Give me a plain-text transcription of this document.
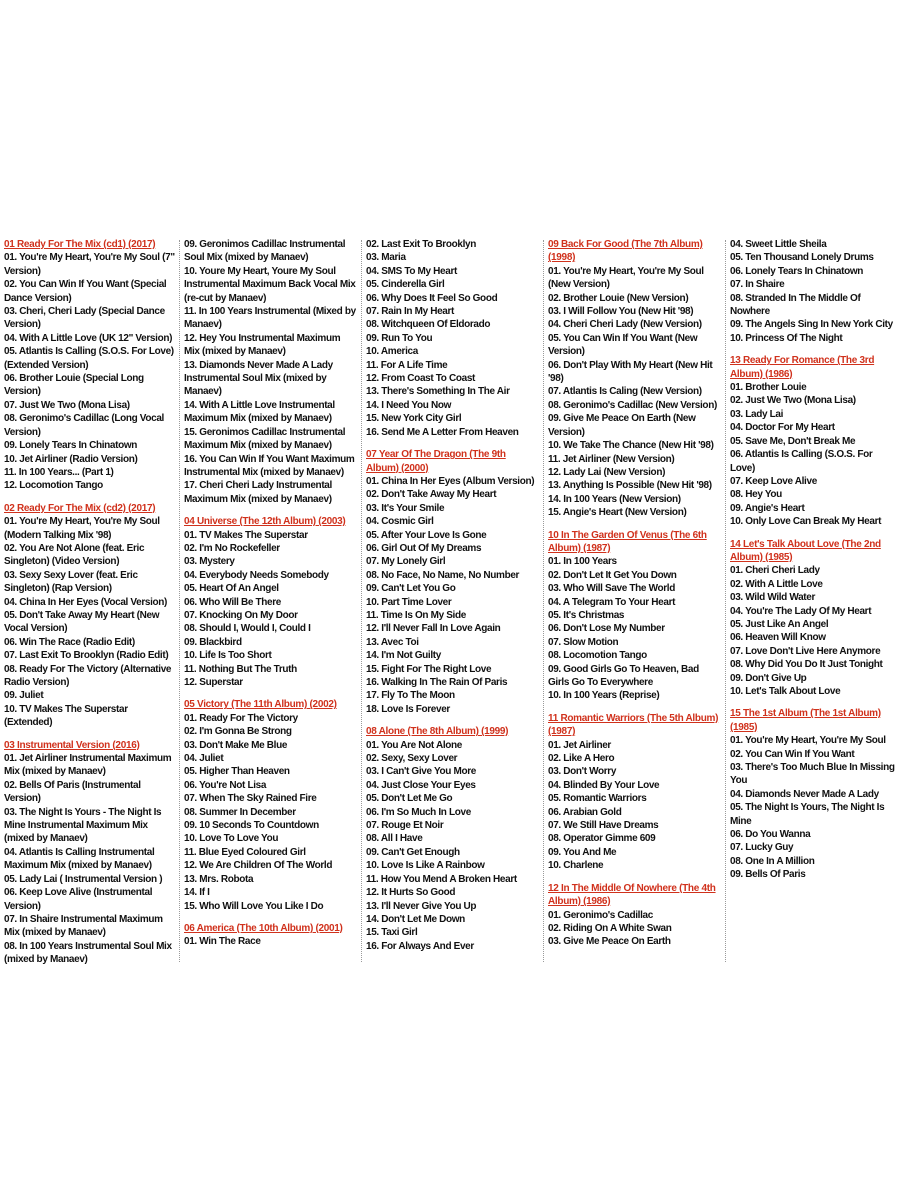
01 Ready For The Mix (cd1) (2017)
01. You're My Heart, You're My Soul (7" Version)
02. You Can Win If You Want (Special Dance Version)
03. Cheri, Cheri Lady (Special Dance Version)
04. With A Little Love (UK 12" Version)
05. Atlantis Is Calling (S.O.S. For Love) (Extended Version)
06. Brother Louie (Special Long Version)
07. Just We Two (Mona Lisa)
08. Geronimo's Cadillac (Long Vocal Version)
09. Lonely Tears In Chinatown
10. Jet Airliner (Radio Version)
11. In 100 Years... (Part 1)
12. Locomotion Tango
02 Ready For The Mix (cd2) (2017)
01. You're My Heart, You're My Soul (Modern Talking Mix '98)
02. You Are Not Alone (feat. Eric Singleton) (Video Version)
03. Sexy Sexy Lover (feat. Eric Singleton) (Rap Version)
04. China In Her Eyes (Vocal Version)
05. Don't Take Away My Heart (New Vocal Version)
06. Win The Race (Radio Edit)
07. Last Exit To Brooklyn (Radio Edit)
08. Ready For The Victory (Alternative Radio Version)
09. Juliet
10. TV Makes The Superstar (Extended)
03 Instrumental Version (2016)
01. Jet Airliner Instrumental Maximum Mix (mixed by Manaev)
02. Bells Of Paris (Instrumental Version)
03. The Night Is Yours - The Night Is Mine Instrumental Maximum Mix (mixed by Manaev)
04. Atlantis Is Calling Instrumental Maximum Mix (mixed by Manaev)
05. Lady Lai ( Instrumental Version )
06. Keep Love Alive (Instrumental Version)
07. In Shaire Instrumental Maximum Mix (mixed by Manaev)
08. In 100 Years Instrumental Soul Mix (mixed by Manaev)
09. Geronimos Cadillac Instrumental Soul Mix (mixed by Manaev)
10. Youre My Heart, Youre My Soul Instrumental Maximum Back Vocal Mix (re-cut by Manaev)
11. In 100 Years Instrumental (Mixed by Manaev)
12. Hey You Instrumental Maximum Mix (mixed by Manaev)
13. Diamonds Never Made A Lady Instrumental Soul Mix (mixed by Manaev)
14. With A Little Love Instrumental Maximum Mix (mixed by Manaev)
15. Geronimos Cadillac Instrumental Maximum Mix (mixed by Manaev)
16. You Can Win If You Want Maximum Instrumental Mix (mixed by Manaev)
17. Cheri Cheri Lady Instrumental Maximum Mix (mixed by Manaev)
04 Universe (The 12th Album) (2003)
01. TV Makes The Superstar
02. I'm No Rockefeller
03. Mystery
04. Everybody Needs Somebody
05. Heart Of An Angel
06. Who Will Be There
07. Knocking On My Door
08. Should I, Would I, Could I
09. Blackbird
10. Life Is Too Short
11. Nothing But The Truth
12. Superstar
05 Victory (The 11th Album) (2002)
01. Ready For The Victory
02. I'm Gonna Be Strong
03. Don't Make Me Blue
04. Juliet
05. Higher Than Heaven
06. You're Not Lisa
07. When The Sky Rained Fire
08. Summer In December
09. 10 Seconds To Countdown
10. Love To Love You
11. Blue Eyed Coloured Girl
12. We Are Children Of The World
13. Mrs. Robota
14. If I
15. Who Will Love You Like I Do
06 America (The 10th Album) (2001)
01. Win The Race
02. Last Exit To Brooklyn
03. Maria
04. SMS To My Heart
05. Cinderella Girl
06. Why Does It Feel So Good
07. Rain In My Heart
08. Witchqueen Of Eldorado
09. Run To You
10. America
11. For A Life Time
12. From Coast To Coast
13. There's Something In The Air
14. I Need You Now
15. New York City Girl
16. Send Me A Letter From Heaven
07 Year Of The Dragon (The 9th Album) (2000)
01. China In Her Eyes (Album Version)
02. Don't Take Away My Heart
03. It's Your Smile
04. Cosmic Girl
05. After Your Love Is Gone
06. Girl Out Of My Dreams
07. My Lonely Girl
08. No Face, No Name, No Number
09. Can't Let You Go
10. Part Time Lover
11. Time Is On My Side
12. I'll Never Fall In Love Again
13. Avec Toi
14. I'm Not Guilty
15. Fight For The Right Love
16. Walking In The Rain Of Paris
17. Fly To The Moon
18. Love Is Forever
08 Alone (The 8th Album) (1999)
01. You Are Not Alone
02. Sexy, Sexy Lover
03. I Can't Give You More
04. Just Close Your Eyes
05. Don't Let Me Go
06. I'm So Much In Love
07. Rouge Et Noir
08. All I Have
09. Can't Get Enough
10. Love Is Like A Rainbow
11. How You Mend A Broken Heart
12. It Hurts So Good
13. I'll Never Give You Up
14. Don't Let Me Down
15. Taxi Girl
16. For Always And Ever
09 Back For Good (The 7th Album) (1998)
01. You're My Heart, You're My Soul (New Version)
02. Brother Louie (New Version)
03. I Will Follow You (New Hit '98)
04. Cheri Cheri Lady (New Version)
05. You Can Win If You Want (New Version)
06. Don't Play With My Heart (New Hit '98)
07. Atlantis Is Caling (New Version)
08. Geronimo's Cadillac (New Version)
09. Give Me Peace On Earth (New Version)
10. We Take The Chance (New Hit '98)
11. Jet Airliner (New Version)
12. Lady Lai (New Version)
13. Anything Is Possible (New Hit '98)
14. In 100 Years (New Version)
15. Angie's Heart (New Version)
10 In The Garden Of Venus (The 6th Album) (1987)
01. In 100 Years
02. Don't Let It Get You Down
03. Who Will Save The World
04. A Telegram To Your Heart
05. It's Christmas
06. Don't Lose My Number
07. Slow Motion
08. Locomotion Tango
09. Good Girls Go To Heaven, Bad Girls Go To Everywhere
10. In 100 Years (Reprise)
11 Romantic Warriors (The 5th Album) (1987)
01. Jet Airliner
02. Like A Hero
03. Don't Worry
04. Blinded By Your Love
05. Romantic Warriors
06. Arabian Gold
07. We Still Have Dreams
08. Operator Gimme 609
09. You And Me
10. Charlene
12 In The Middle Of Nowhere (The 4th Album) (1986)
01. Geronimo's Cadillac
02. Riding On A White Swan
03. Give Me Peace On Earth
04. Sweet Little Sheila
05. Ten Thousand Lonely Drums
06. Lonely Tears In Chinatown
07. In Shaire
08. Stranded In The Middle Of Nowhere
09. The Angels Sing In New York City
10. Princess Of The Night
13 Ready For Romance (The 3rd Album) (1986)
01. Brother Louie
02. Just We Two (Mona Lisa)
03. Lady Lai
04. Doctor For My Heart
05. Save Me, Don't Break Me
06. Atlantis Is Calling (S.O.S. For Love)
07. Keep Love Alive
08. Hey You
09. Angie's Heart
10. Only Love Can Break My Heart
14 Let's Talk About Love (The 2nd Album) (1985)
01. Cheri Cheri Lady
02. With A Little Love
03. Wild Wild Water
04. You're The Lady Of My Heart
05. Just Like An Angel
06. Heaven Will Know
07. Love Don't Live Here Anymore
08. Why Did You Do It Just Tonight
09. Don't Give Up
10. Let's Talk About Love
15 The 1st Album (The 1st Album) (1985)
01. You're My Heart, You're My Soul
02. You Can Win If You Want
03. There's Too Much Blue In Missing You
04. Diamonds Never Made A Lady
05. The Night Is Yours, The Night Is Mine
06. Do You Wanna
07. Lucky Guy
08. One In A Million
09. Bells Of Paris
